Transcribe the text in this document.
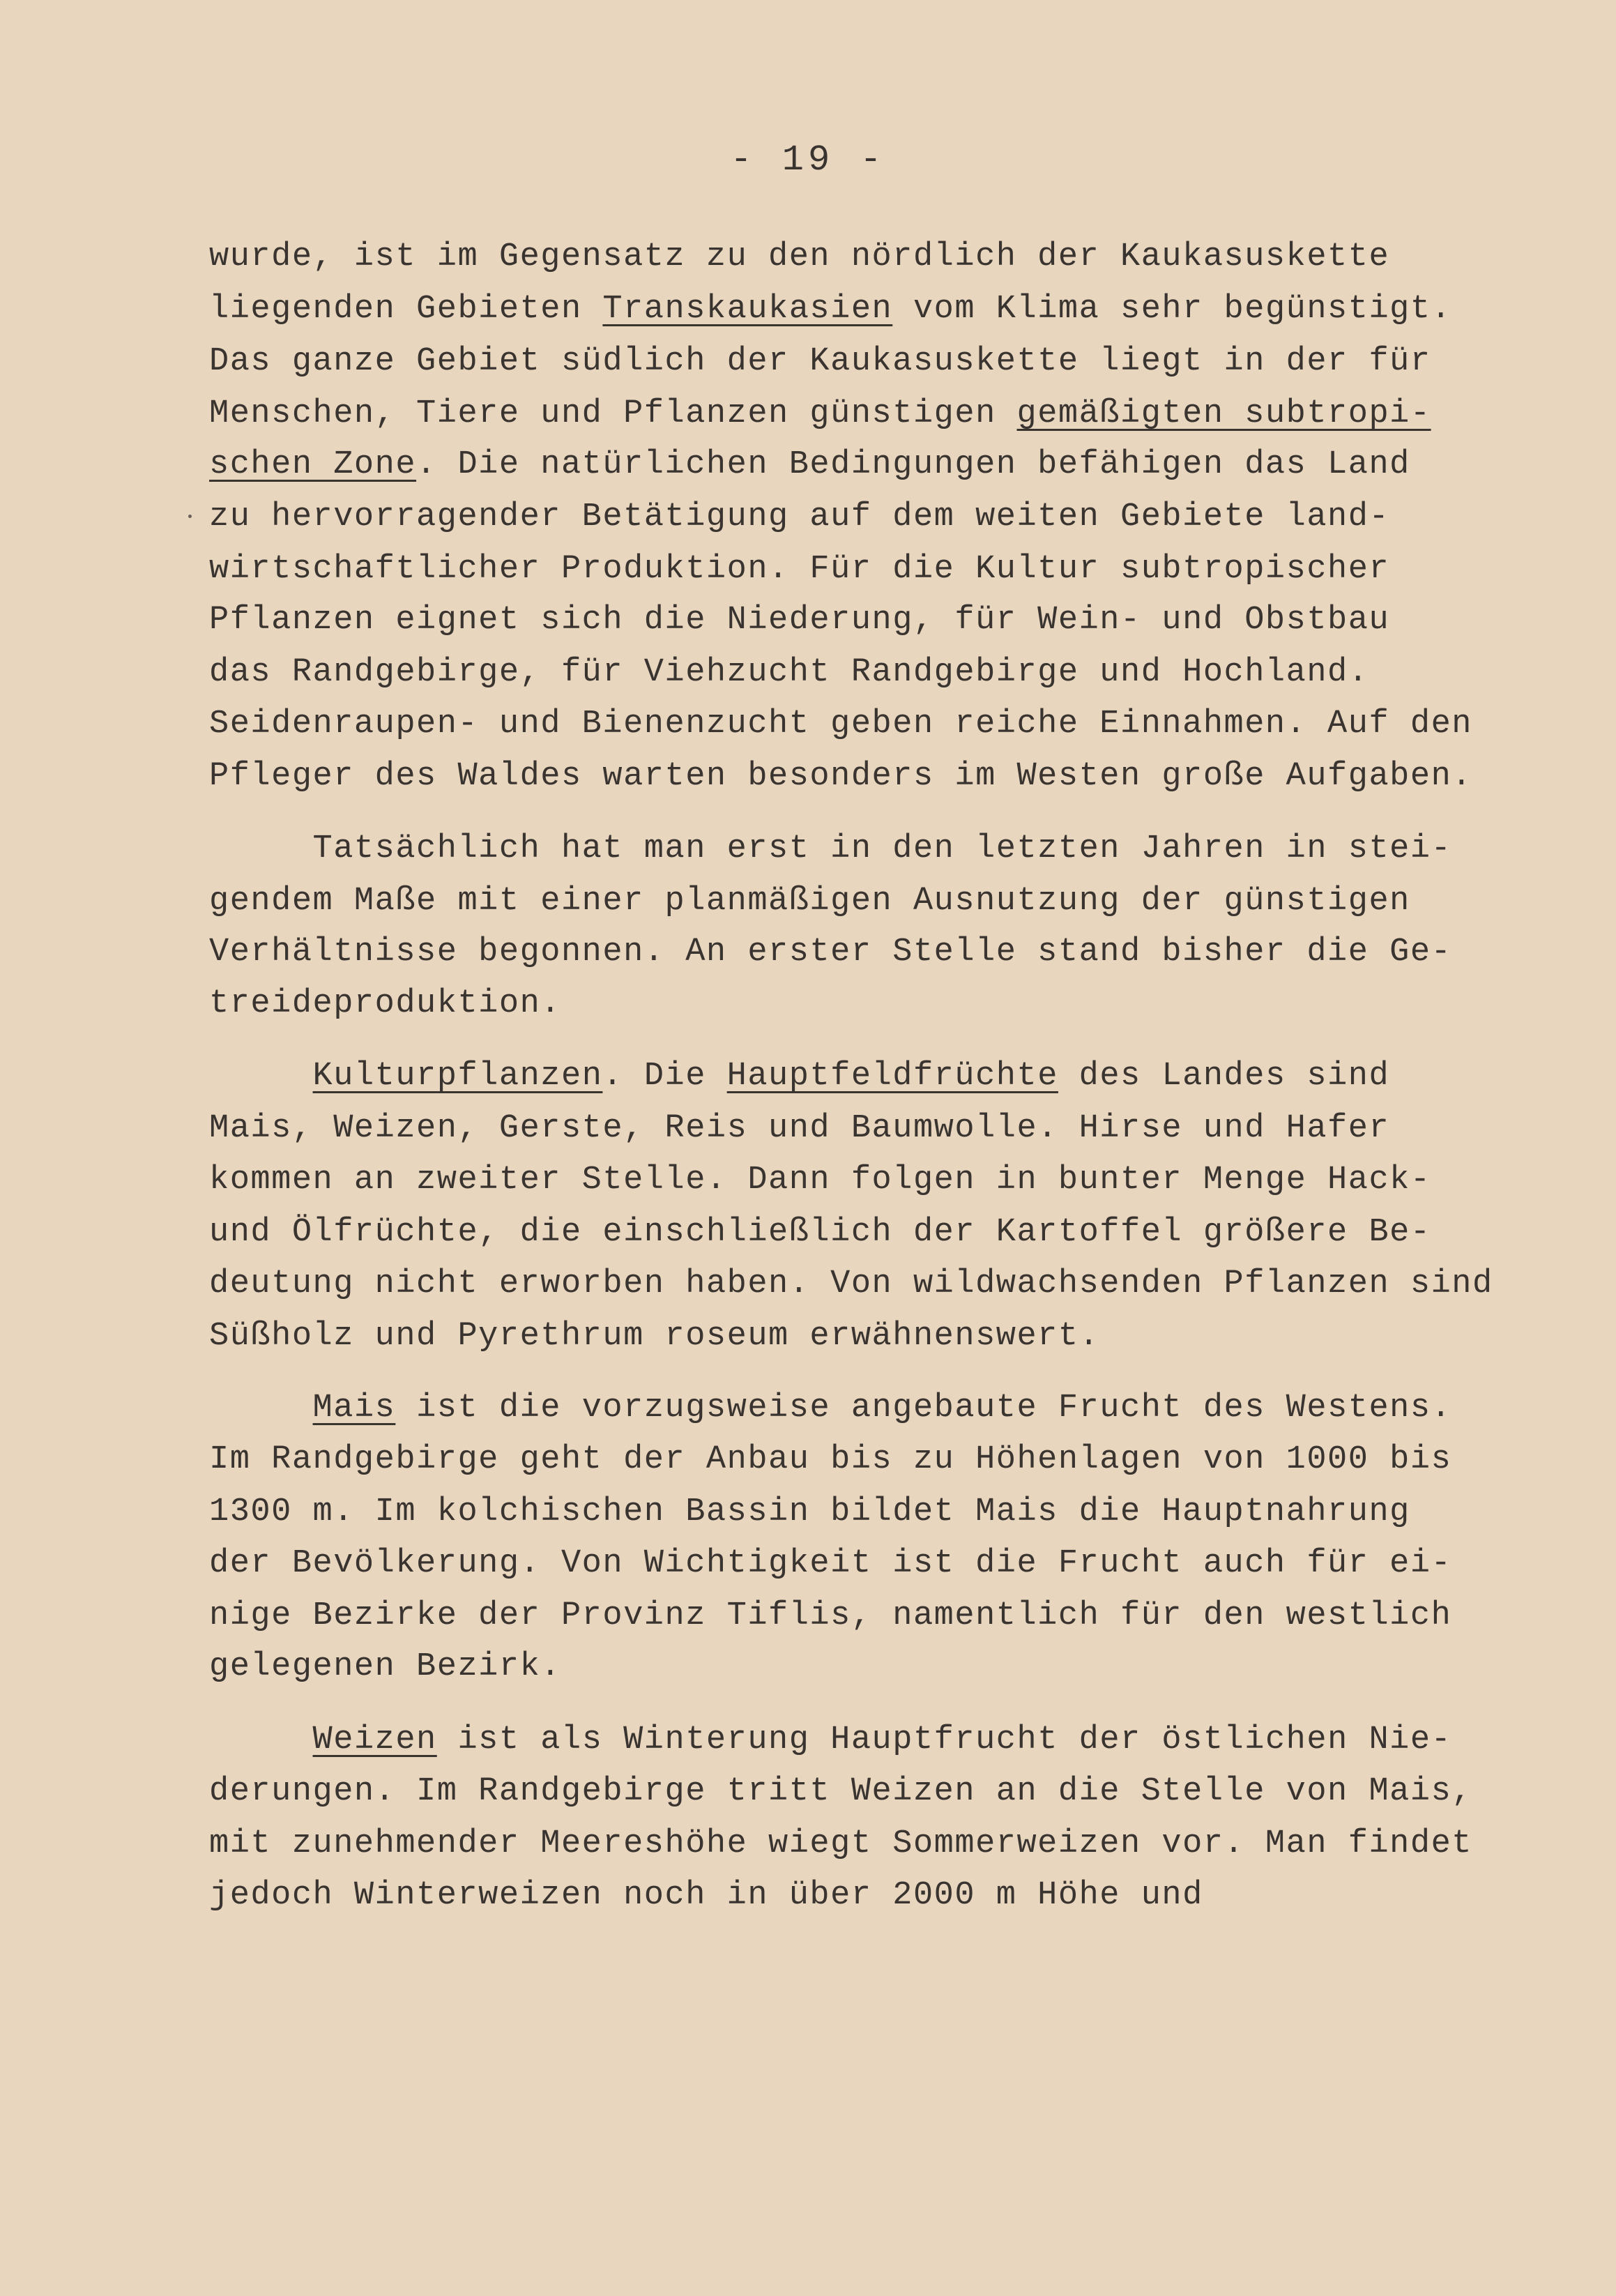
- 19 -
wurde, ist im Gegensatz zu den nördlich der Kaukasuskette
liegenden Gebieten Transkaukasien vom Klima sehr begünstigt.
Das ganze Gebiet südlich der Kaukasuskette liegt in der für
Menschen, Tiere und Pflanzen günstigen gemäßigten subtropi-
schen Zone. Die natürlichen Bedingungen befähigen das Land
zu hervorragender Betätigung auf dem weiten Gebiete land-
wirtschaftlicher Produktion. Für die Kultur subtropischer
Pflanzen eignet sich die Niederung, für Wein- und Obstbau
das Randgebirge, für Viehzucht Randgebirge und Hochland.
Seidenraupen- und Bienenzucht geben reiche Einnahmen. Auf den
Pfleger des Waldes warten besonders im Westen große Aufgaben.
Tatsächlich hat man erst in den letzten Jahren in stei-
gendem Maße mit einer planmäßigen Ausnutzung der günstigen
Verhältnisse begonnen. An erster Stelle stand bisher die Ge-
treideproduktion.
Kulturpflanzen. Die Hauptfeldfrüchte des Landes sind
Mais, Weizen, Gerste, Reis und Baumwolle. Hirse und Hafer
kommen an zweiter Stelle. Dann folgen in bunter Menge Hack-
und Ölfrüchte, die einschließlich der Kartoffel größere Be-
deutung nicht erworben haben. Von wildwachsenden Pflanzen sind
Süßholz und Pyrethrum roseum erwähnenswert.
Mais ist die vorzugsweise angebaute Frucht des Westens.
Im Randgebirge geht der Anbau bis zu Höhenlagen von 1000 bis
1300 m. Im kolchischen Bassin bildet Mais die Hauptnahrung
der Bevölkerung. Von Wichtigkeit ist die Frucht auch für ei-
nige Bezirke der Provinz Tiflis, namentlich für den westlich
gelegenen Bezirk.
Weizen ist als Winterung Hauptfrucht der östlichen Nie-
derungen. Im Randgebirge tritt Weizen an die Stelle von Mais,
mit zunehmender Meereshöhe wiegt Sommerweizen vor. Man findet
jedoch Winterweizen noch in über 2000 m Höhe und
